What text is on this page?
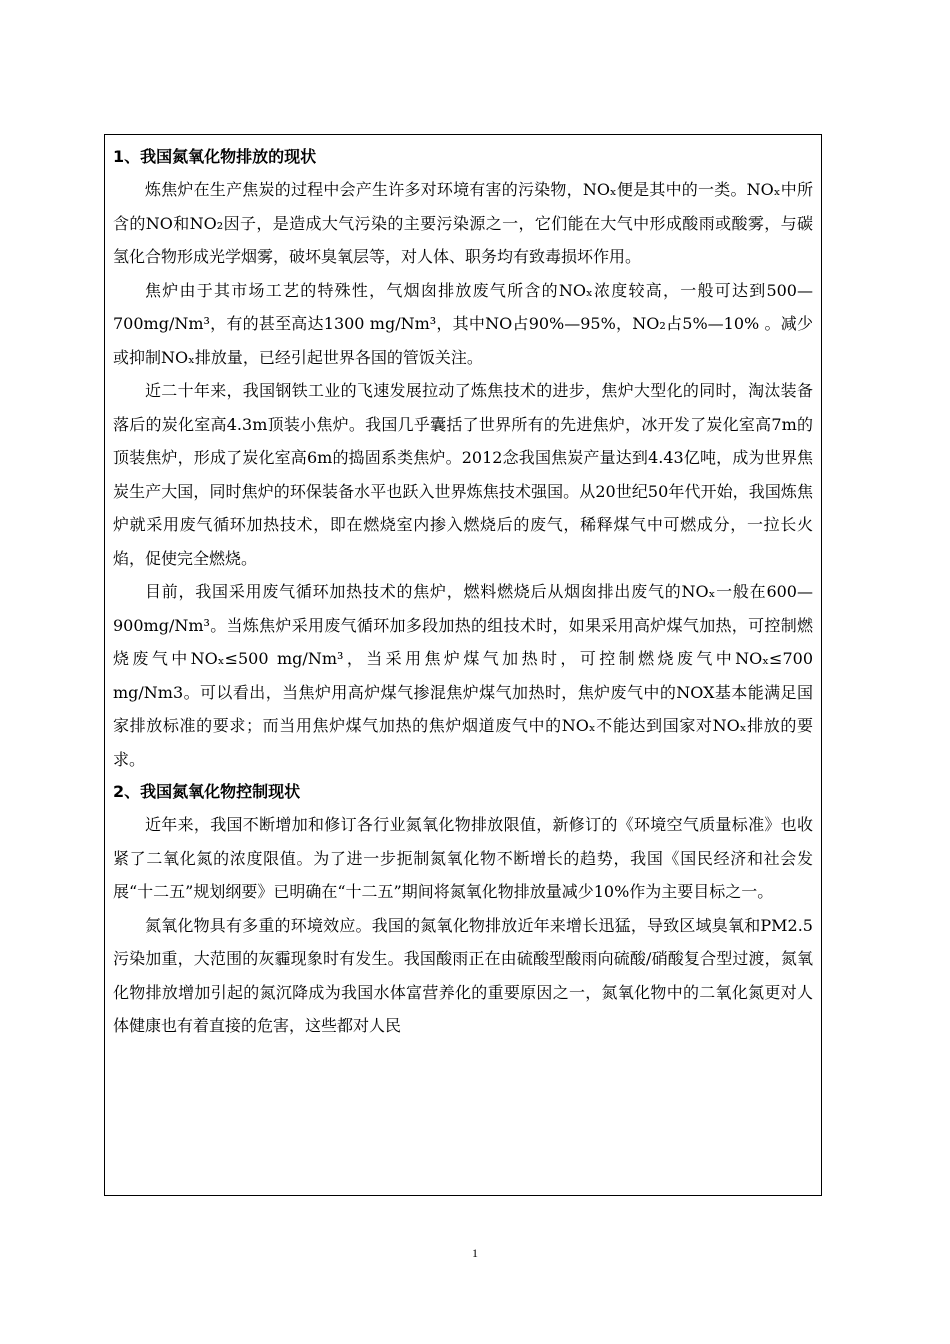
1、我国氮氧化物排放的现状

炼焦炉在生产焦炭的过程中会产生许多对环境有害的污染物，NOₓ便是其中的一类。NOₓ中所含的NO和NO₂因子，是造成大气污染的主要污染源之一，它们能在大气中形成酸雨或酸雾，与碳氢化合物形成光学烟雾，破坏臭氧层等，对人体、职务均有致毒损坏作用。

焦炉由于其市场工艺的特殊性，气烟囱排放废气所含的NOₓ浓度较高，一般可达到500—700mg/Nm³，有的甚至高达1300 mg/Nm³，其中NO占90%—95%，NO₂占5%—10% 。减少或抑制NOₓ排放量，已经引起世界各国的管饭关注。

近二十年来，我国钢铁工业的飞速发展拉动了炼焦技术的进步，焦炉大型化的同时，淘汰装备落后的炭化室高4.3m顶装小焦炉。我国几乎囊括了世界所有的先进焦炉，冰开发了炭化室高7m的顶装焦炉，形成了炭化室高6m的捣固系类焦炉。2012念我国焦炭产量达到4.43亿吨，成为世界焦炭生产大国，同时焦炉的环保装备水平也跃入世界炼焦技术强国。从20世纪50年代开始，我国炼焦炉就采用废气循环加热技术，即在燃烧室内掺入燃烧后的废气，稀释煤气中可燃成分，一拉长火焰，促使完全燃烧。

目前，我国采用废气循环加热技术的焦炉，燃料燃烧后从烟囱排出废气的NOₓ一般在600—900mg/Nm³。当炼焦炉采用废气循环加多段加热的组技术时，如果采用高炉煤气加热，可控制燃烧废气中NOₓ≤500 mg/Nm³，当采用焦炉煤气加热时，可控制燃烧废气中NOₓ≤700 mg/Nm3。可以看出，当焦炉用高炉煤气掺混焦炉煤气加热时，焦炉废气中的NOX基本能满足国家排放标准的要求；而当用焦炉煤气加热的焦炉烟道废气中的NOₓ不能达到国家对NOₓ排放的要求。

2、我国氮氧化物控制现状

近年来，我国不断增加和修订各行业氮氧化物排放限值，新修订的《环境空气质量标准》也收紧了二氧化氮的浓度限值。为了进一步扼制氮氧化物不断增长的趋势，我国《国民经济和社会发展“十二五”规划纲要》已明确在“十二五”期间将氮氧化物排放量减少10%作为主要目标之一。

氮氧化物具有多重的环境效应。我国的氮氧化物排放近年来增长迅猛，导致区域臭氧和PM2.5污染加重，大范围的灰霾现象时有发生。我国酸雨正在由硫酸型酸雨向硫酸/硝酸复合型过渡，氮氧化物排放增加引起的氮沉降成为我国水体富营养化的重要原因之一，氮氧化物中的二氧化氮更对人体健康也有着直接的危害，这些都对人民

1
